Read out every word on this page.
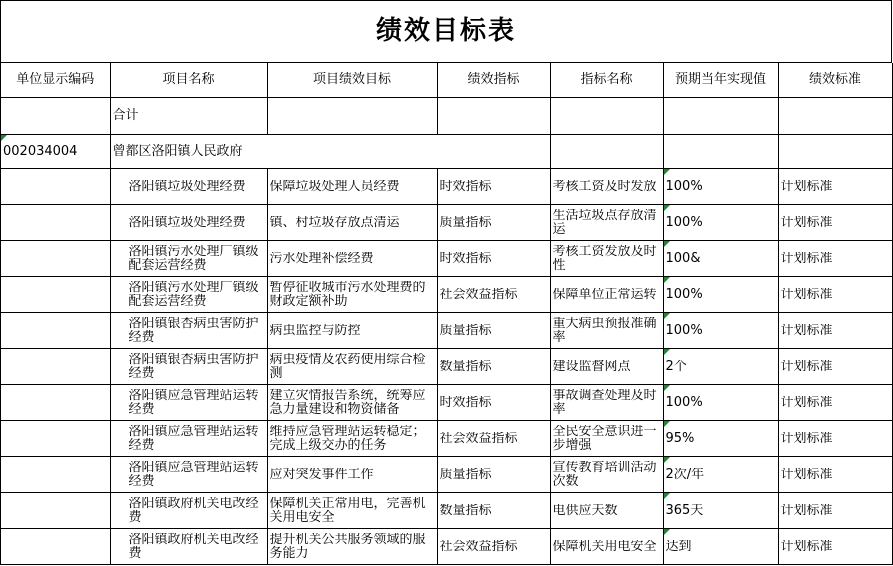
绩效目标表
单位显示编码	项目名称	项目绩效目标	绩效指标	指标名称	预期当年实现值	绩效标准
	合计					
002034004	曾都区洛阳镇人民政府					

	洛阳镇垃圾处理经费	保障垃圾处理人员经费	时效指标	考核工资及时发放	100%	计划标准

	洛阳镇垃圾处理经费	镇、村垃圾存放点清运	质量指标	生活垃圾点存放清运	100%	计划标准

	洛阳镇污水处理厂镇级配套运营经费	污水处理补偿经费	时效指标	考核工资发放及时性	100&	计划标准

	洛阳镇污水处理厂镇级配套运营经费	暂停征收城市污水处理费的财政定额补助	社会效益指标	保障单位正常运转	100%	计划标准

	洛阳镇银杏病虫害防护经费	病虫监控与防控	质量指标	重大病虫预报准确率	100%	计划标准

	洛阳镇银杏病虫害防护经费	病虫疫情及农药使用综合检测	数量指标	建设监督网点	2个	计划标准

	洛阳镇应急管理站运转经费	建立灾情报告系统，统筹应急力量建设和物资储备	时效指标	事故调查处理及时率	100%	计划标准

	洛阳镇应急管理站运转经费	维持应急管理站运转稳定；完成上级交办的任务	社会效益指标	全民安全意识进一步增强	95%	计划标准

	洛阳镇应急管理站运转经费	应对突发事件工作	质量指标	宣传教育培训活动次数	2次/年	计划标准

	洛阳镇政府机关电改经费	保障机关正常用电，完善机关用电安全	数量指标	电供应天数	365天	计划标准

	洛阳镇政府机关电改经费	提升机关公共服务领域的服务能力	社会效益指标	保障机关用电安全	达到	计划标准
